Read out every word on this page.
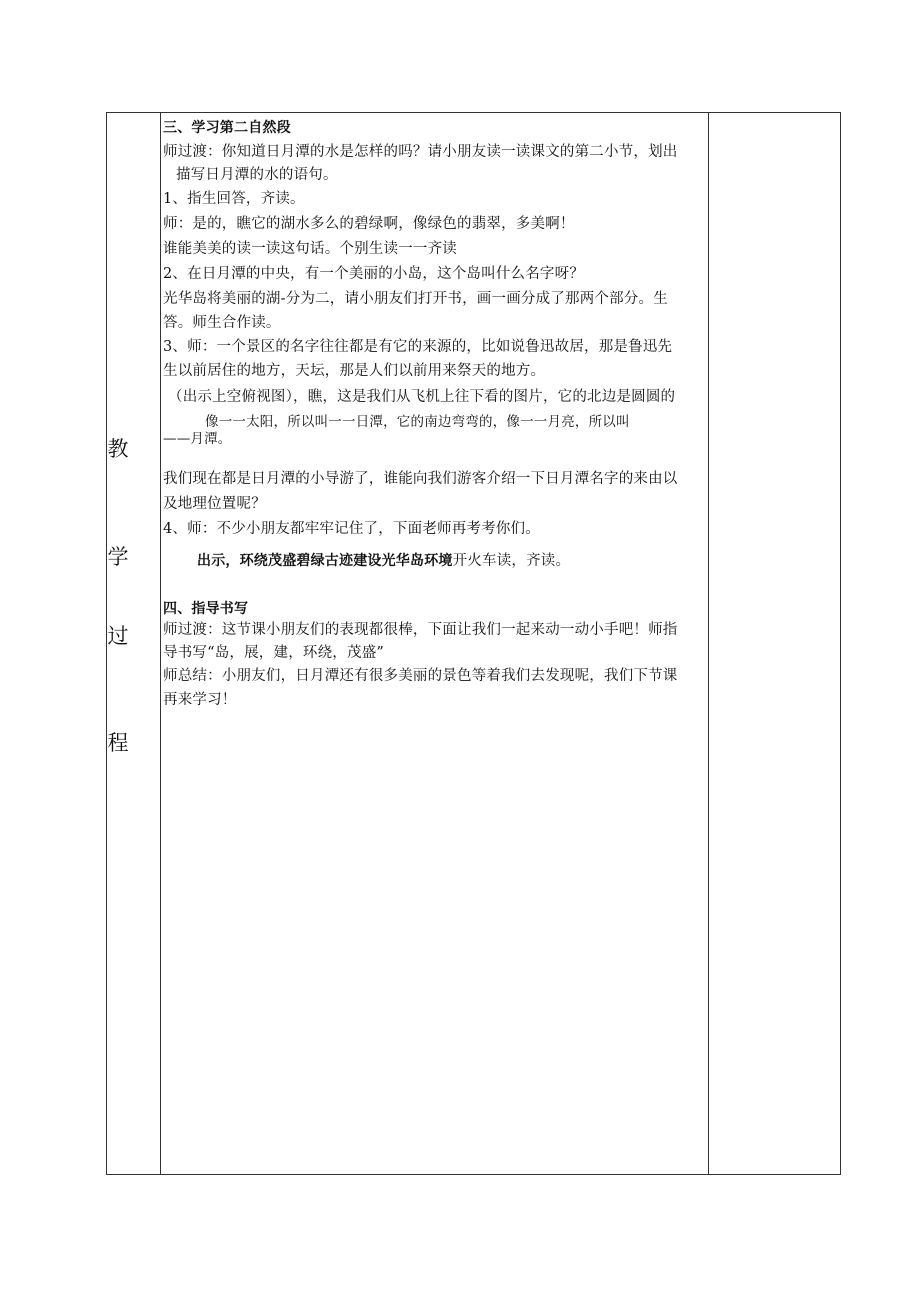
教
学
过
程
三、学习第二自然段
师过渡：你知道日月潭的水是怎样的吗？请小朋友读一读课文的第二小节，划出
描写日月潭的水的语句。
1、指生回答，齐读。
师：是的，瞧它的湖水多么的碧绿啊，像绿色的翡翠，多美啊！
谁能美美的读一读这句话。个别生读一一齐读
2、在日月潭的中央，有一个美丽的小岛，这个岛叫什么名字呀？
光华岛将美丽的湖-分为二，请小朋友们打开书，画一画分成了那两个部分。生
答。师生合作读。
3、师：一个景区的名字往往都是有它的来源的，比如说鲁迅故居，那是鲁迅先
生以前居住的地方，天坛，那是人们以前用来祭天的地方。
（出示上空俯视图），瞧，这是我们从飞机上往下看的图片，它的北边是圆圆的
像一一太阳，所以叫一一日潭，它的南边弯弯的，像一一月亮，所以叫
——月潭。
我们现在都是日月潭的小导游了，谁能向我们游客介绍一下日月潭名字的来由以
及地理位置呢？
4、师：不少小朋友都牢牢记住了，下面老师再考考你们。
出示，环绕茂盛碧绿古迹建设光华岛环境开火车读，齐读。
四、指导书写
师过渡：这节课小朋友们的表现都很棒，下面让我们一起来动一动小手吧！师指
导书写“岛，展，建，环绕，茂盛”
师总结：小朋友们，日月潭还有很多美丽的景色等着我们去发现呢，我们下节课
再来学习！
